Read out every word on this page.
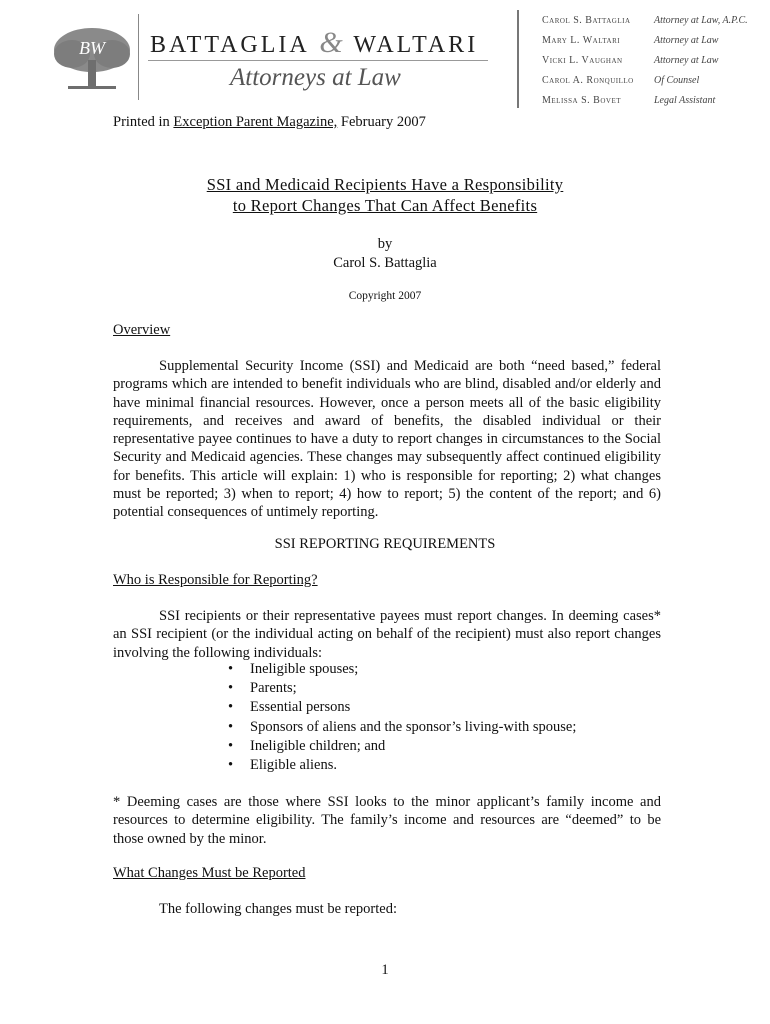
BW BATTAGLIA & WALTARI
Attorneys at Law
Carol S. Battaglia	Attorney at Law, A.P.C.
Mary L. Waltari	Attorney at Law
Vicki L. Vaughan	Attorney at Law
Carol A. Ronquillo	Of Counsel
Melissa S. Bovet	Legal Assistant
Printed in Exception Parent Magazine, February 2007
SSI and Medicaid Recipients Have a Responsibility
to Report Changes That Can Affect Benefits
by
Carol S. Battaglia
Copyright 2007
Overview
Supplemental Security Income (SSI) and Medicaid are both “need based,” federal programs which are intended to benefit individuals who are blind, disabled and/or elderly and have minimal financial resources. However, once a person meets all of the basic eligibility requirements, and receives and award of benefits, the disabled individual or their representative payee continues to have a duty to report changes in circumstances to the Social Security and Medicaid agencies. These changes may subsequently affect continued eligibility for benefits. This article will explain: 1) who is responsible for reporting; 2) what changes must be reported; 3) when to report; 4) how to report; 5) the content of the report; and 6) potential consequences of untimely reporting.
SSI REPORTING REQUIREMENTS
Who is Responsible for Reporting?
SSI recipients or their representative payees must report changes. In deeming cases* an SSI recipient (or the individual acting on behalf of the recipient) must also report changes involving the following individuals:
• Ineligible spouses;
• Parents;
• Essential persons
• Sponsors of aliens and the sponsor’s living-with spouse;
• Ineligible children; and
• Eligible aliens.
* Deeming cases are those where SSI looks to the minor applicant’s family income and resources to determine eligibility. The family’s income and resources are “deemed” to be those owned by the minor.
What Changes Must be Reported
The following changes must be reported:
1
